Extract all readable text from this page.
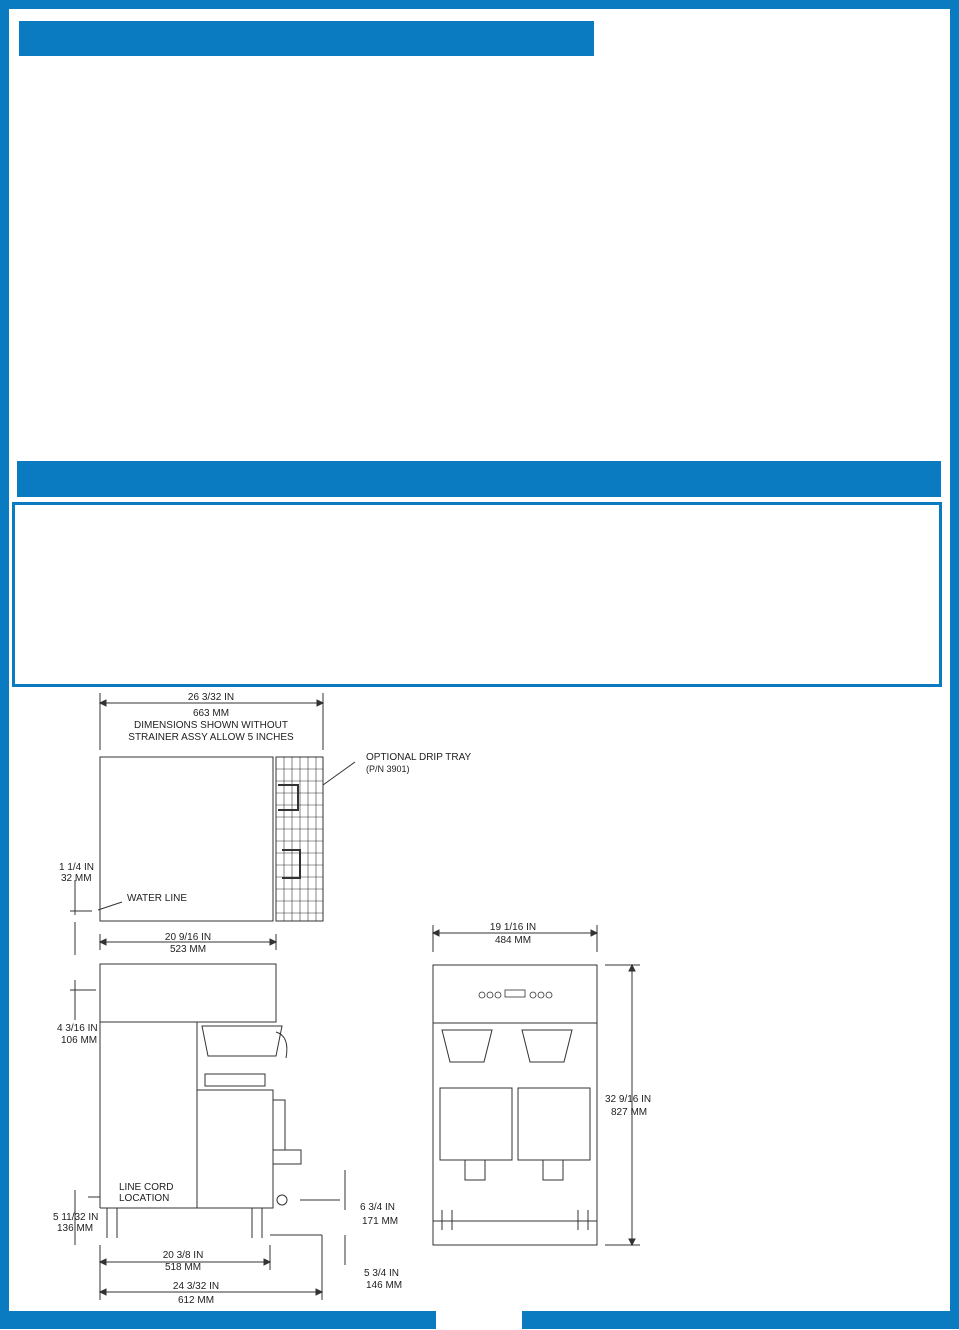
26 3/32 IN
663 MM
DIMENSIONS SHOWN WITHOUT
STRAINER ASSY ALLOW 5 INCHES
20 9/16 IN
523 MM
20 3/8 IN
518 MM
24 3/32 IN
612 MM
19 1/16 IN
484 MM
OPTIONAL DRIP TRAY
(P/N 3901)
1 1/4 IN
32 MM
WATER LINE
4 3/16 IN
106 MM
LINE CORD
LOCATION
5 11/32 IN
136 MM
6 3/4 IN
171 MM
5 3/4 IN
146 MM
32 9/16 IN
827 MM
